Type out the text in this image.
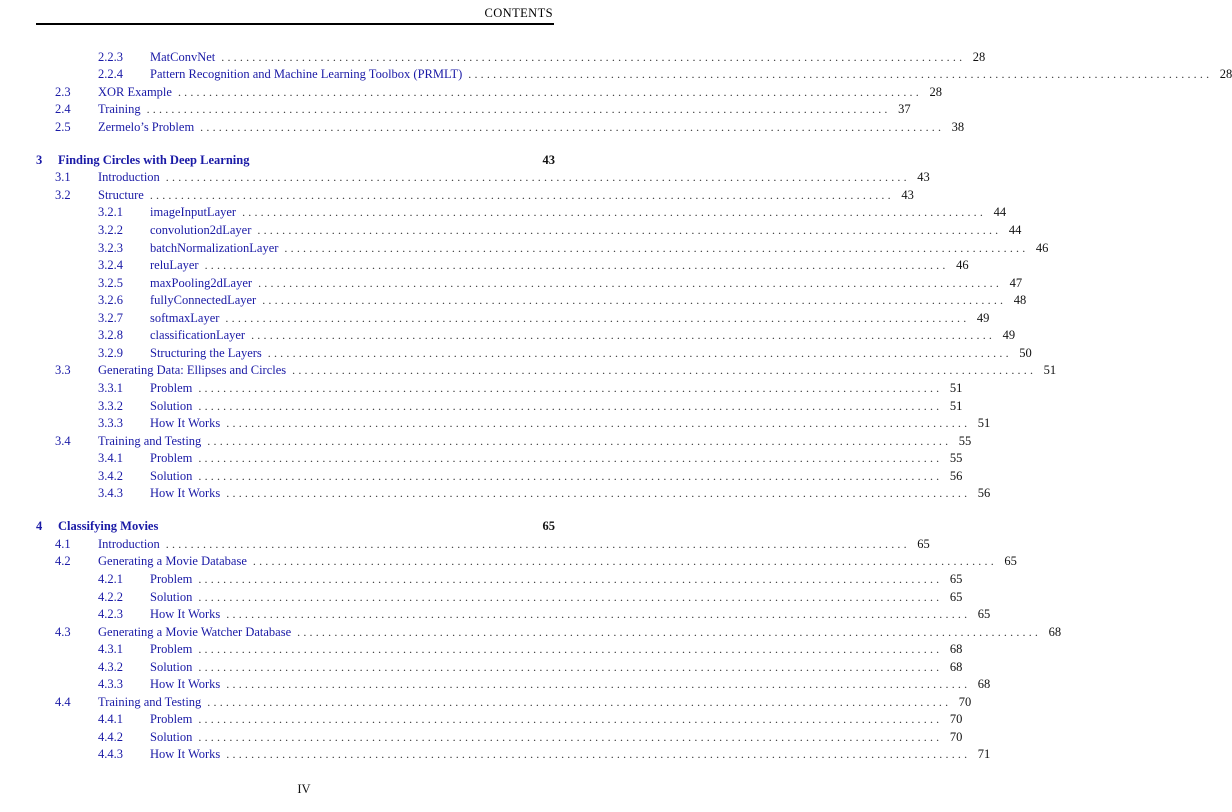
CONTENTS
2.2.3	MatConvNet ........................................................................................................................ 28
2.2.4	Pattern Recognition and Machine Learning Toolbox (PRMLT) ........................................................................................................................ 28
2.3	XOR Example ........................................................................................................................ 28
2.4	Training ........................................................................................................................ 37
2.5	Zermelo’s Problem ........................................................................................................................ 38
3	Finding Circles with Deep Learning	43
3.1	Introduction ........................................................................................................................ 43
3.2	Structure ........................................................................................................................ 43
3.2.1	imageInputLayer ........................................................................................................................ 44
3.2.2	convolution2dLayer ........................................................................................................................ 44
3.2.3	batchNormalizationLayer ........................................................................................................................ 46
3.2.4	reluLayer ........................................................................................................................ 46
3.2.5	maxPooling2dLayer ........................................................................................................................ 47
3.2.6	fullyConnectedLayer ........................................................................................................................ 48
3.2.7	softmaxLayer ........................................................................................................................ 49
3.2.8	classificationLayer ........................................................................................................................ 49
3.2.9	Structuring the Layers ........................................................................................................................ 50
3.3	Generating Data: Ellipses and Circles ........................................................................................................................ 51
3.3.1	Problem ........................................................................................................................ 51
3.3.2	Solution ........................................................................................................................ 51
3.3.3	How It Works ........................................................................................................................ 51
3.4	Training and Testing ........................................................................................................................ 55
3.4.1	Problem ........................................................................................................................ 55
3.4.2	Solution ........................................................................................................................ 56
3.4.3	How It Works ........................................................................................................................ 56
4	Classifying Movies	65
4.1	Introduction ........................................................................................................................ 65
4.2	Generating a Movie Database ........................................................................................................................ 65
4.2.1	Problem ........................................................................................................................ 65
4.2.2	Solution ........................................................................................................................ 65
4.2.3	How It Works ........................................................................................................................ 65
4.3	Generating a Movie Watcher Database ........................................................................................................................ 68
4.3.1	Problem ........................................................................................................................ 68
4.3.2	Solution ........................................................................................................................ 68
4.3.3	How It Works ........................................................................................................................ 68
4.4	Training and Testing ........................................................................................................................ 70
4.4.1	Problem ........................................................................................................................ 70
4.4.2	Solution ........................................................................................................................ 70
4.4.3	How It Works ........................................................................................................................ 71
IV
